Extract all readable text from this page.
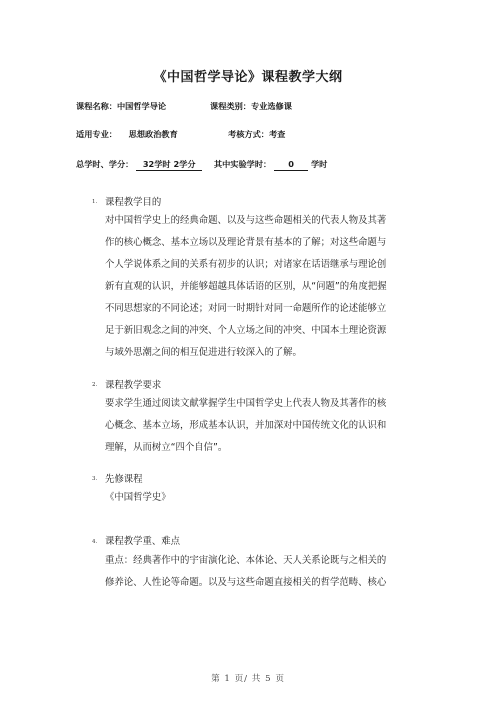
《中国哲学导论》课程教学大纲
课程名称：中国哲学导论	课程类别：专业选修课
适用专业： 思想政治教育	考核方式：考查
总学时、学分： 32学时 2学分 其中实验学时： 0 学时
1. 课程教学目的
对中国哲学史上的经典命题、以及与这些命题相关的代表人物及其著
作的核心概念、基本立场以及理论背景有基本的了解；对这些命题与
个人学说体系之间的关系有初步的认识；对诸家在话语继承与理论创
新有直观的认识，并能够超越具体话语的区别，从“问题”的角度把握
不同思想家的不同论述；对同一时期针对同一命题所作的论述能够立
足于新旧观念之间的冲突、个人立场之间的冲突、中国本土理论资源
与域外思潮之间的相互促进进行较深入的了解。
2. 课程教学要求
要求学生通过阅读文献掌握学生中国哲学史上代表人物及其著作的核
心概念、基本立场，形成基本认识，并加深对中国传统文化的认识和
理解，从而树立“四个自信”。
3. 先修课程
《中国哲学史》
4. 课程教学重、难点
重点：经典著作中的宇宙演化论、本体论、天人关系论既与之相关的
修养论、人性论等命题。以及与这些命题直接相关的哲学范畴、核心
第 1 页/ 共 5 页
